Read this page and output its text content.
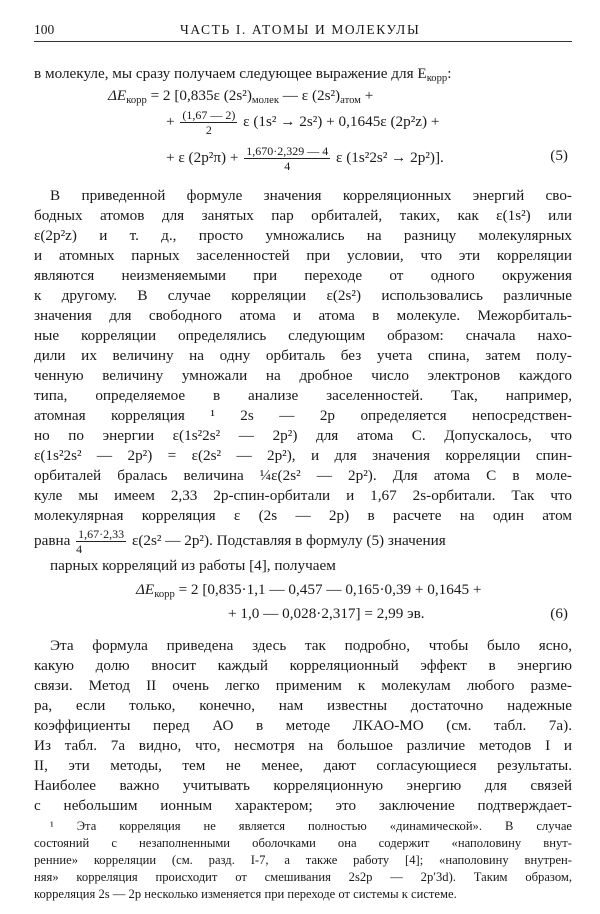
100	ЧАСТЬ I. АТОМЫ И МОЛЕКУЛЫ
в молекуле, мы сразу получаем следующее выражение для $E_{корр}$:
$\Delta E_{корр} = 2$ [0,835ε $(2s^2)_{молек}$ — ε $(2s^2)_{атом}$ +
+ $\frac{(1,67 — 2)}{2}$ ε (1s² → 2s²) + 0,1645ε (2p²z) +
+ ε $(2p^2\pi) + \frac{1,670\cdot 2,329 — 4}{4}$ ε (1s²2s² → 2p²)].	(5)
В приведенной формуле значения корреляционных энергий сво-
бодных атомов для занятых пар орбиталей, таких, как ε(1s²) или
ε(2p²z) и т. д., просто умножались на разницу молекулярных
и атомных парных заселенностей при условии, что эти корреляции
являются неизменяемыми при переходе от одного окружения
к другому. В случае корреляции ε(2s²) использовались различные
значения для свободного атома и атома в молекуле. Межорбиталь-
ные корреляции определялись следующим образом: сначала нахо-
дили их величину на одну орбиталь без учета спина, затем полу-
ченную величину умножали на дробное число электронов каждого
типа, определяемое в анализе заселенностей. Так, например,
атомная корреляция ¹ 2s — 2p определяется непосредствен-
но по энергии ε(1s²2s² — 2p²) для атома С. Допускалось, что
ε(1s²2s² — 2p²) = ε(2s² — 2p²), и для значения корреляции спин-
орбиталей бралась величина ¼ε(2s² — 2p²). Для атома С в моле-
куле мы имеем 2,33 2p-спин-орбитали и 1,67 2s-орбитали. Так что
молекулярная корреляция ε (2s — 2p) в расчете на один атом
равна $\frac{1,67\cdot 2,33}{4} \varepsilon(2s^2$ — 2p²). Подставляя в формулу (5) значения
парных корреляций из работы [4], получаем
$\Delta E_{корр} = 2$ [0,835·1,1 — 0,457 — 0,165·0,39 + 0,1645 +
+ 1,0 — 0,028·2,317] = 2,99 эв.	(6)
Эта формула приведена здесь так подробно, чтобы было ясно,
какую долю вносит каждый корреляционный эффект в энергию
связи. Метод II очень легко применим к молекулам любого разме-
ра, если только, конечно, нам известны достаточно надежные
коэффициенты перед АО в методе ЛКАО-МО (см. табл. 7а).
Из табл. 7а видно, что, несмотря на большое различие методов I и
II, эти методы, тем не менее, дают согласующиеся результаты.
Наиболее важно учитывать корреляционную энергию для связей
с небольшим ионным характером; это заключение подтверждает-
¹ Эта корреляция не является полностью «динамической». В случае
состояний с незаполненными оболочками она содержит «наполовину внут-
ренние» корреляции (см. разд. I-7, а также работу [4]; «наполовину внутрен-
няя» корреляция происходит от смешивания 2s2p — 2p′3d). Таким образом,
корреляция 2s — 2p несколько изменяется при переходе от системы к системе.
